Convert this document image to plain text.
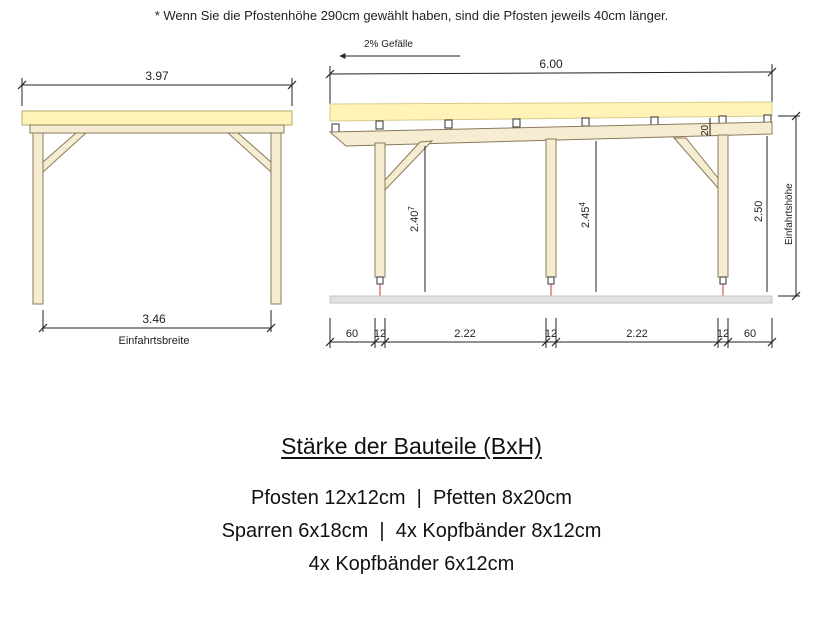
* Wenn Sie die Pfostenhöhe 290cm gewählt haben, sind die Pfosten jeweils 40cm länger.
3.97
3.46
Einfahrtsbreite
2% Gefälle
6.00
2.40$^7$	2.45$^4$	2.50
20
Einfahrtshöhe
60 12	2.22	12	2.22	12 60
Stärke der Bauteile (BxH)
Pfosten 12x12cm  |  Pfetten 8x20cm
Sparren 6x18cm  |  4x Kopfbänder 8x12cm
4x Kopfbänder 6x12cm
